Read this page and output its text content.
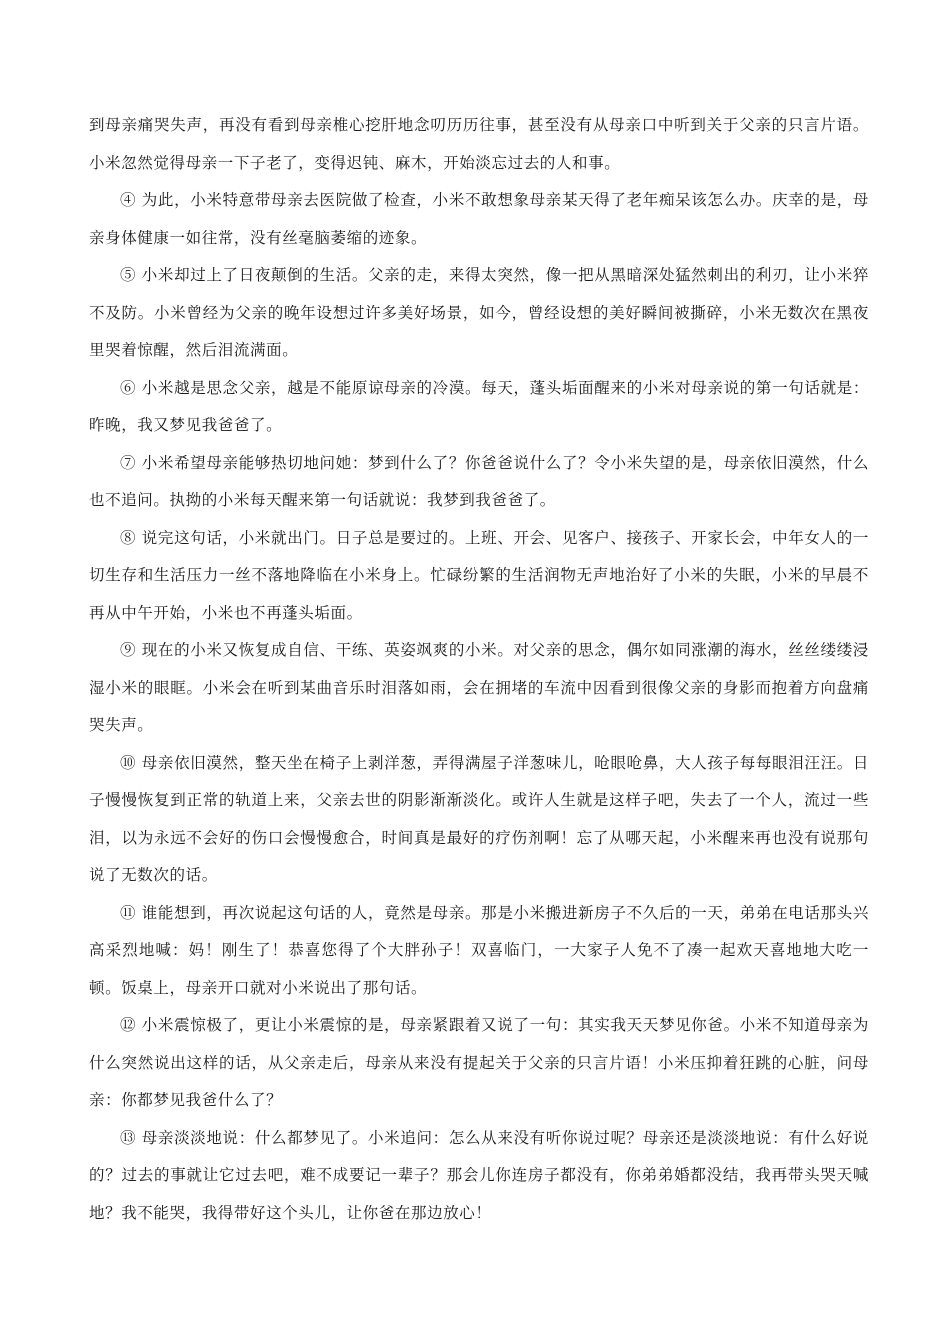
到母亲痛哭失声，再没有看到母亲椎心挖肝地念叨历历往事，甚至没有从母亲口中听到关于父亲的只言片语。小米忽然觉得母亲一下子老了，变得迟钝、麻木，开始淡忘过去的人和事。

④ 为此，小米特意带母亲去医院做了检查，小米不敢想象母亲某天得了老年痴呆该怎么办。庆幸的是，母亲身体健康一如往常，没有丝毫脑萎缩的迹象。

⑤ 小米却过上了日夜颠倒的生活。父亲的走，来得太突然，像一把从黑暗深处猛然刺出的利刃，让小米猝不及防。小米曾经为父亲的晚年设想过许多美好场景，如今，曾经设想的美好瞬间被撕碎，小米无数次在黑夜里哭着惊醒，然后泪流满面。

⑥ 小米越是思念父亲，越是不能原谅母亲的冷漠。每天，蓬头垢面醒来的小米对母亲说的第一句话就是：昨晚，我又梦见我爸爸了。

⑦ 小米希望母亲能够热切地问她：梦到什么了？你爸爸说什么了？令小米失望的是，母亲依旧漠然，什么也不追问。执拗的小米每天醒来第一句话就说：我梦到我爸爸了。

⑧ 说完这句话，小米就出门。日子总是要过的。上班、开会、见客户、接孩子、开家长会，中年女人的一切生存和生活压力一丝不落地降临在小米身上。忙碌纷繁的生活润物无声地治好了小米的失眠，小米的早晨不再从中午开始，小米也不再蓬头垢面。

⑨ 现在的小米又恢复成自信、干练、英姿飒爽的小米。对父亲的思念，偶尔如同涨潮的海水，丝丝缕缕浸湿小米的眼眶。小米会在听到某曲音乐时泪落如雨，会在拥堵的车流中因看到很像父亲的身影而抱着方向盘痛哭失声。

⑩ 母亲依旧漠然，整天坐在椅子上剥洋葱，弄得满屋子洋葱味儿，呛眼呛鼻，大人孩子每每眼泪汪汪。日子慢慢恢复到正常的轨道上来，父亲去世的阴影渐渐淡化。或许人生就是这样子吧，失去了一个人，流过一些泪，以为永远不会好的伤口会慢慢愈合，时间真是最好的疗伤剂啊！忘了从哪天起，小米醒来再也没有说那句说了无数次的话。

⑪ 谁能想到，再次说起这句话的人，竟然是母亲。那是小米搬进新房子不久后的一天，弟弟在电话那头兴高采烈地喊：妈！刚生了！恭喜您得了个大胖孙子！双喜临门，一大家子人免不了凑一起欢天喜地地大吃一顿。饭桌上，母亲开口就对小米说出了那句话。

⑫ 小米震惊极了，更让小米震惊的是，母亲紧跟着又说了一句：其实我天天梦见你爸。小米不知道母亲为什么突然说出这样的话，从父亲走后，母亲从来没有提起关于父亲的只言片语！小米压抑着狂跳的心脏，问母亲：你都梦见我爸什么了？

⑬ 母亲淡淡地说：什么都梦见了。小米追问：怎么从来没有听你说过呢？母亲还是淡淡地说：有什么好说的？过去的事就让它过去吧，难不成要记一辈子？那会儿你连房子都没有，你弟弟婚都没结，我再带头哭天喊地？我不能哭，我得带好这个头儿，让你爸在那边放心！
